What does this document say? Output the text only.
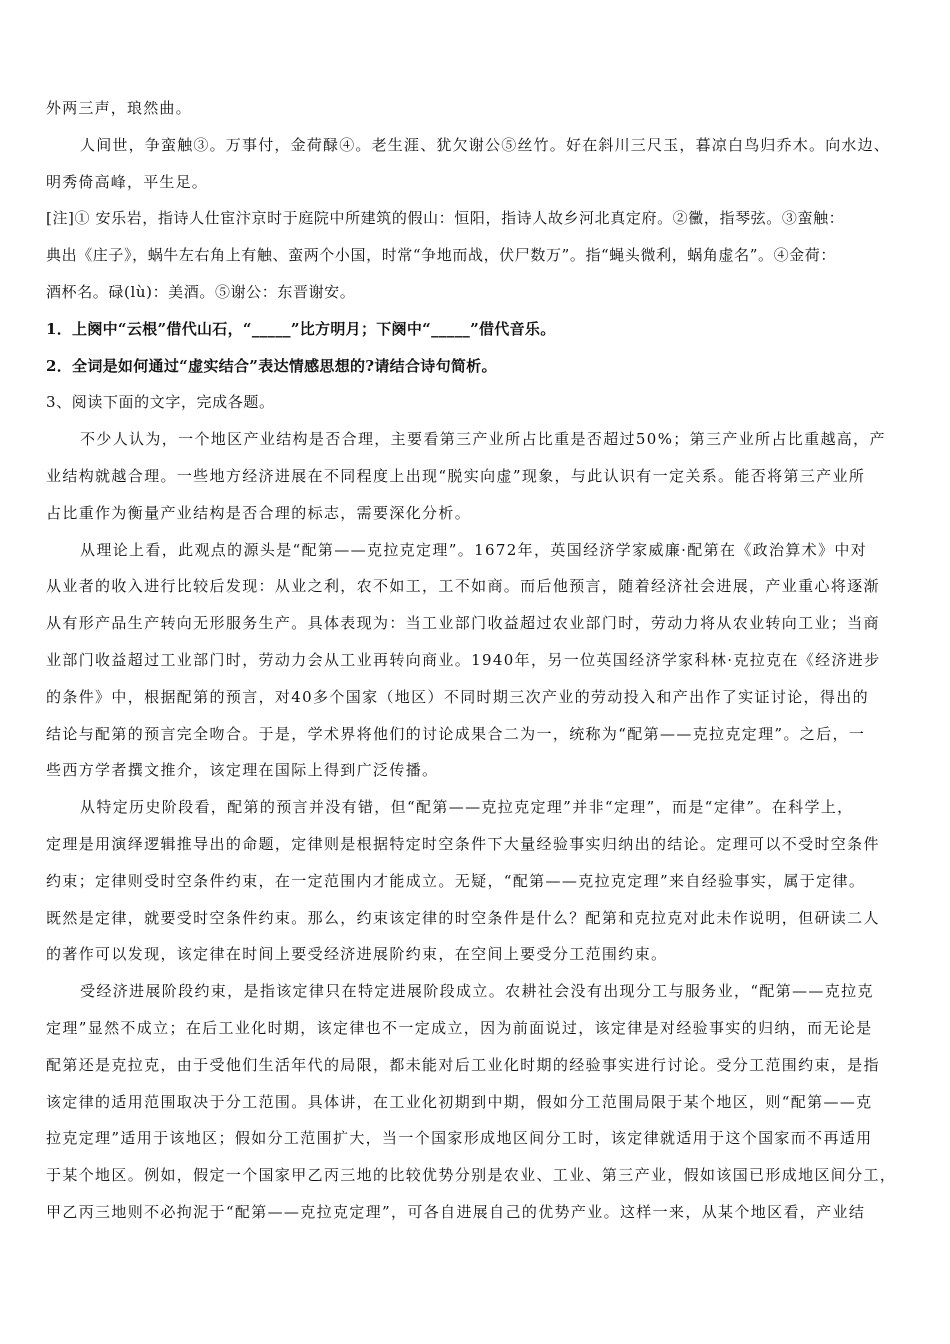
外两三声，琅然曲。
人间世，争蛮触③。万事付，金荷醁④。老生涯、犹欠谢公⑤丝竹。好在斜川三尺玉，暮凉白鸟归乔木。向水边、
明秀倚高峰，平生足。
[注]① 安乐岩，指诗人仕宦汴京时于庭院中所建筑的假山：恒阳，指诗人故乡河北真定府。②黴，指琴弦。③蛮触：
典出《庄子》，蜗牛左右角上有触、蛮两个小国，时常“争地而战，伏尸数万”。指“蝇头微利，蜗角虚名”。④金荷：
酒杯名。碌(lù)：美酒。⑤谢公：东晋谢安。
1．上阕中“云根”借代山石，“_____”比方明月；下阕中“_____”借代音乐。
2．全词是如何通过“虚实结合”表达情感思想的?请结合诗句简析。
3、阅读下面的文字，完成各题。
不少人认为，一个地区产业结构是否合理，主要看第三产业所占比重是否超过50%；第三产业所占比重越高，产
业结构就越合理。一些地方经济进展在不同程度上出现“脱实向虚”现象，与此认识有一定关系。能否将第三产业所
占比重作为衡量产业结构是否合理的标志，需要深化分析。
从理论上看，此观点的源头是“配第——克拉克定理”。1672年，英国经济学家威廉·配第在《政治算术》中对
从业者的收入进行比较后发现：从业之利，农不如工，工不如商。而后他预言，随着经济社会进展，产业重心将逐渐
从有形产品生产转向无形服务生产。具体表现为：当工业部门收益超过农业部门时，劳动力将从农业转向工业；当商
业部门收益超过工业部门时，劳动力会从工业再转向商业。1940年，另一位英国经济学家科林·克拉克在《经济进步
的条件》中，根据配第的预言，对40多个国家（地区）不同时期三次产业的劳动投入和产出作了实证讨论，得出的
结论与配第的预言完全吻合。于是，学术界将他们的讨论成果合二为一，统称为“配第——克拉克定理”。之后，一
些西方学者撰文推介，该定理在国际上得到广泛传播。
从特定历史阶段看，配第的预言并没有错，但“配第——克拉克定理”并非“定理”，而是“定律”。在科学上，
定理是用演绎逻辑推导出的命题，定律则是根据特定时空条件下大量经验事实归纳出的结论。定理可以不受时空条件
约束；定律则受时空条件约束，在一定范围内才能成立。无疑，“配第——克拉克定理”来自经验事实，属于定律。
既然是定律，就要受时空条件约束。那么，约束该定律的时空条件是什么？配第和克拉克对此未作说明，但研读二人
的著作可以发现，该定律在时间上要受经济进展阶约束，在空间上要受分工范围约束。
受经济进展阶段约束，是指该定律只在特定进展阶段成立。农耕社会没有出现分工与服务业，“配第——克拉克
定理”显然不成立；在后工业化时期，该定律也不一定成立，因为前面说过，该定律是对经验事实的归纳，而无论是
配第还是克拉克，由于受他们生活年代的局限，都未能对后工业化时期的经验事实进行讨论。受分工范围约束，是指
该定律的适用范围取决于分工范围。具体讲，在工业化初期到中期，假如分工范围局限于某个地区，则“配第——克
拉克定理”适用于该地区；假如分工范围扩大，当一个国家形成地区间分工时，该定律就适用于这个国家而不再适用
于某个地区。例如，假定一个国家甲乙丙三地的比较优势分别是农业、工业、第三产业，假如该国已形成地区间分工，
甲乙丙三地则不必拘泥于“配第——克拉克定理”，可各自进展自己的优势产业。这样一来，从某个地区看，产业结
